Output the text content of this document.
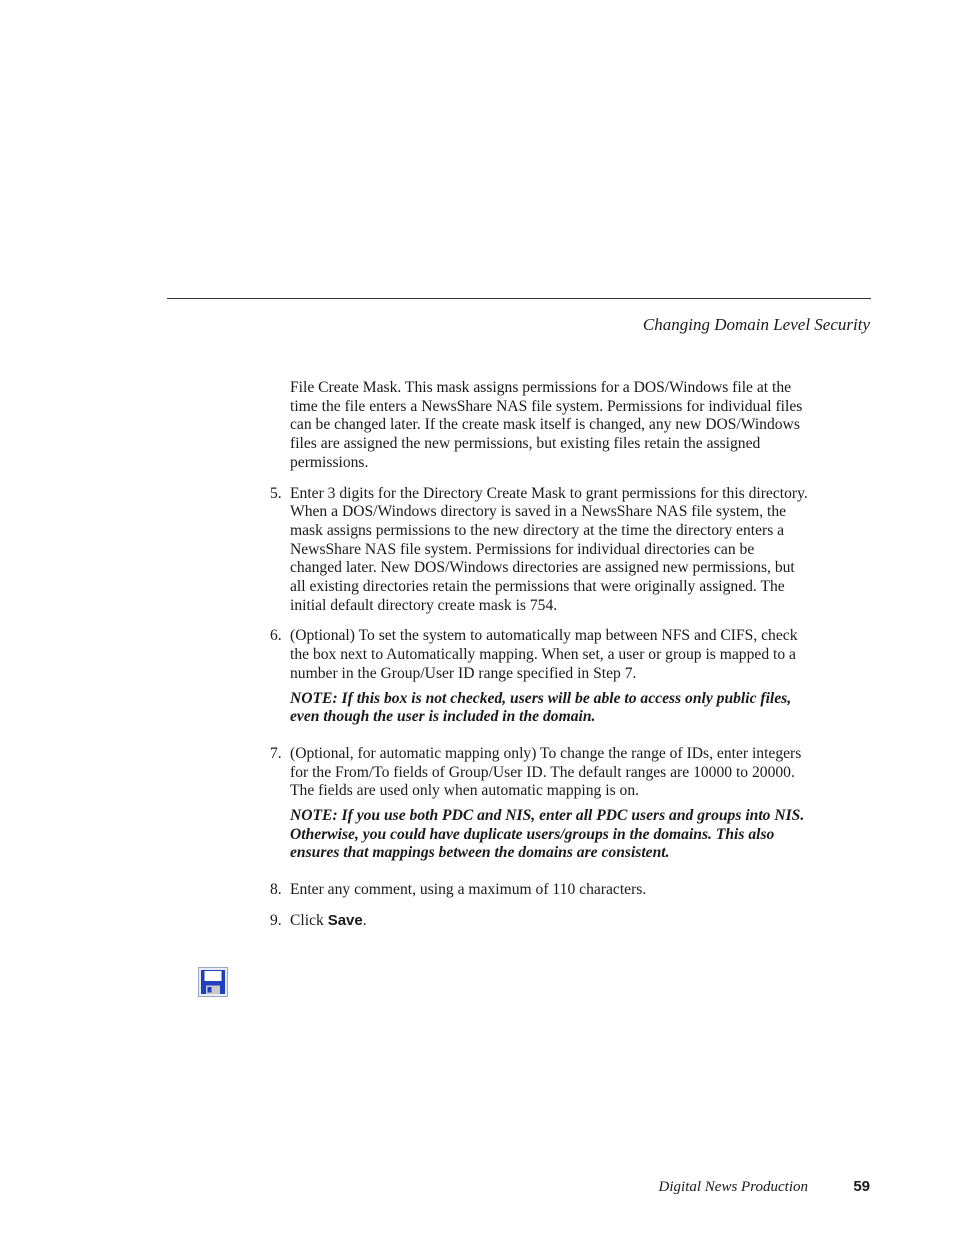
Changing Domain Level Security

File Create Mask. This mask assigns permissions for a DOS/Windows file at the time the file enters a NewsShare NAS file system. Permissions for individual files can be changed later. If the create mask itself is changed, any new DOS/Windows files are assigned the new permissions, but existing files retain the assigned permissions.

5. Enter 3 digits for the Directory Create Mask to grant permissions for this directory. When a DOS/Windows directory is saved in a NewsShare NAS file system, the mask assigns permissions to the new directory at the time the directory enters a NewsShare NAS file system. Permissions for individual directories can be changed later. New DOS/Windows directories are assigned new permissions, but all existing directories retain the permissions that were originally assigned. The initial default directory create mask is 754.
6. (Optional) To set the system to automatically map between NFS and CIFS, check the box next to Automatically mapping. When set, a user or group is mapped to a number in the Group/User ID range specified in Step 7.

NOTE: If this box is not checked, users will be able to access only public files, even though the user is included in the domain.

7. (Optional, for automatic mapping only) To change the range of IDs, enter integers for the From/To fields of Group/User ID. The default ranges are 10000 to 20000. The fields are used only when automatic mapping is on.

NOTE: If you use both PDC and NIS, enter all PDC users and groups into NIS. Otherwise, you could have duplicate users/groups in the domains. This also ensures that mappings between the domains are consistent.

8. Enter any comment, using a maximum of 110 characters.
9. Click Save.
Digital News Production	59
